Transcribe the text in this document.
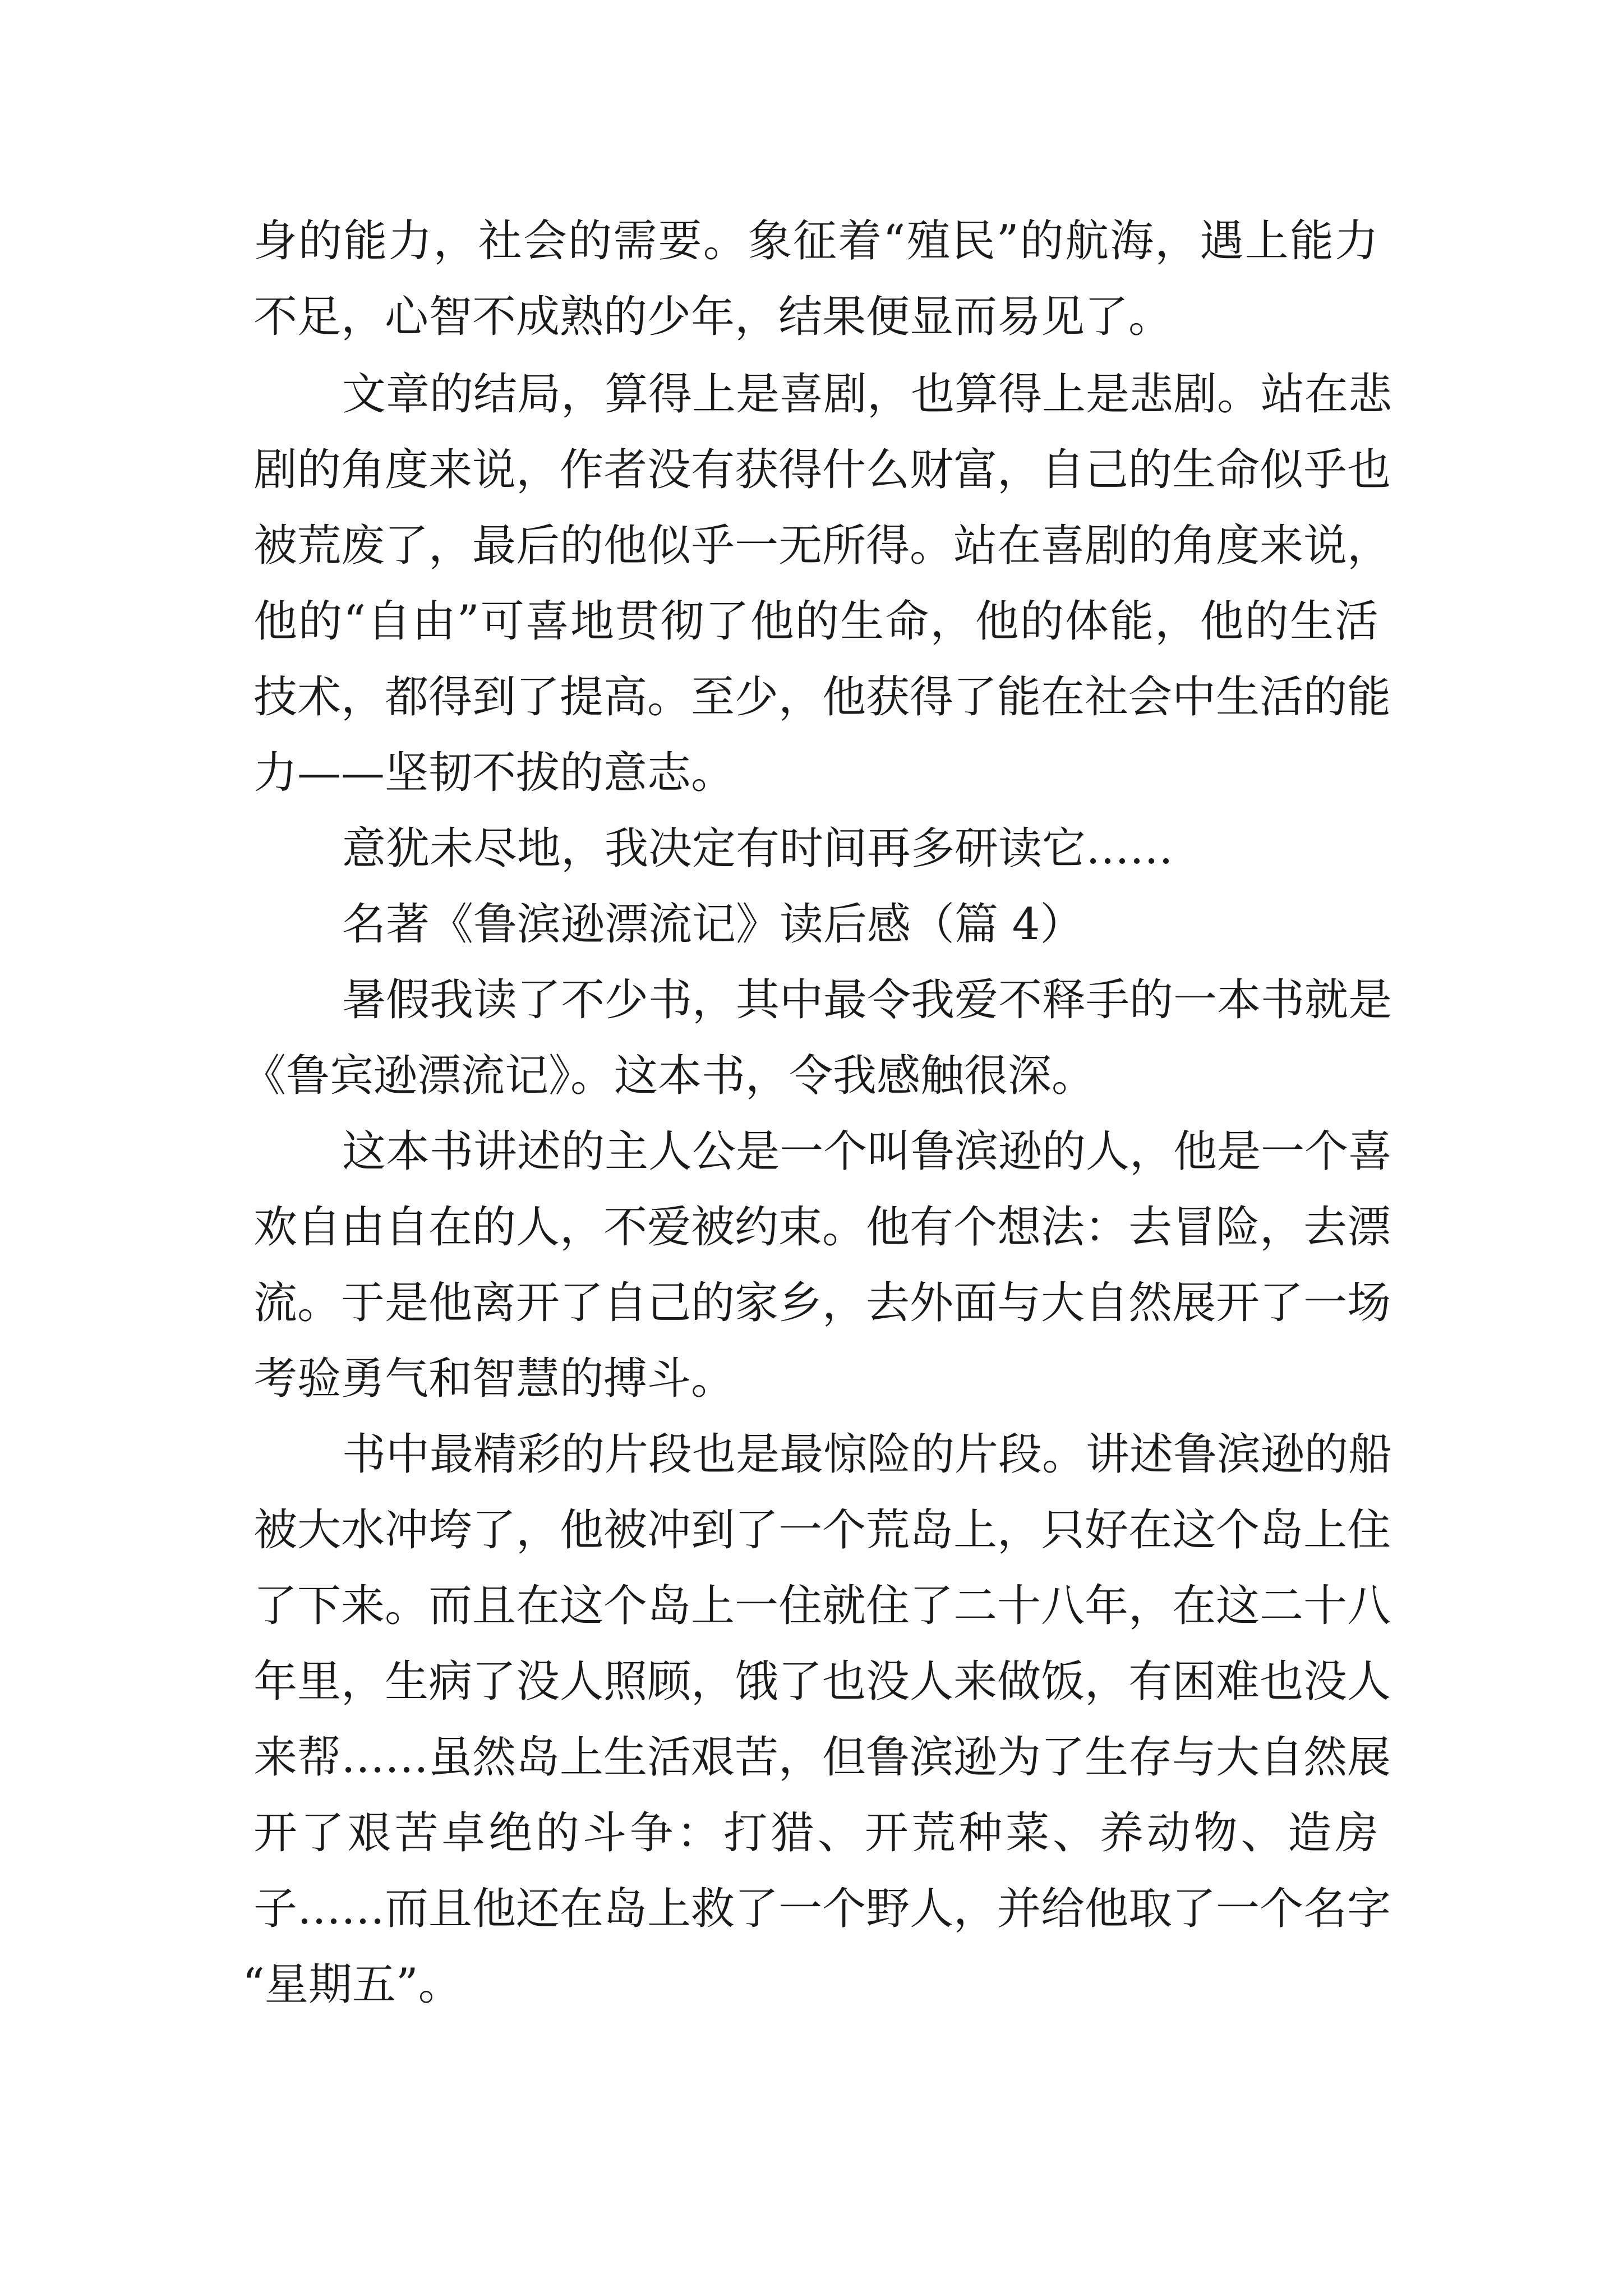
身的能力，社会的需要。象征着“殖民”的航海，遇上能力
不足，心智不成熟的少年，结果便显而易见了。
文章的结局，算得上是喜剧，也算得上是悲剧。站在悲
剧的角度来说，作者没有获得什么财富，自己的生命似乎也
被荒废了，最后的他似乎一无所得。站在喜剧的角度来说，
他的“自由”可喜地贯彻了他的生命，他的体能，他的生活
技术，都得到了提高。至少，他获得了能在社会中生活的能
力——坚韧不拔的意志。
意犹未尽地，我决定有时间再多研读它……
名著《鲁滨逊漂流记》读后感（篇 4）
暑假我读了不少书，其中最令我爱不释手的一本书就是
《鲁宾逊漂流记》。这本书，令我感触很深。
这本书讲述的主人公是一个叫鲁滨逊的人，他是一个喜
欢自由自在的人，不爱被约束。他有个想法：去冒险，去漂
流。于是他离开了自己的家乡，去外面与大自然展开了一场
考验勇气和智慧的搏斗。
书中最精彩的片段也是最惊险的片段。讲述鲁滨逊的船
被大水冲垮了，他被冲到了一个荒岛上，只好在这个岛上住
了下来。而且在这个岛上一住就住了二十八年，在这二十八
年里，生病了没人照顾，饿了也没人来做饭，有困难也没人
来帮……虽然岛上生活艰苦，但鲁滨逊为了生存与大自然展
开了艰苦卓绝的斗争：打猎、开荒种菜、养动物、造房
子……而且他还在岛上救了一个野人，并给他取了一个名字
“星期五”。
